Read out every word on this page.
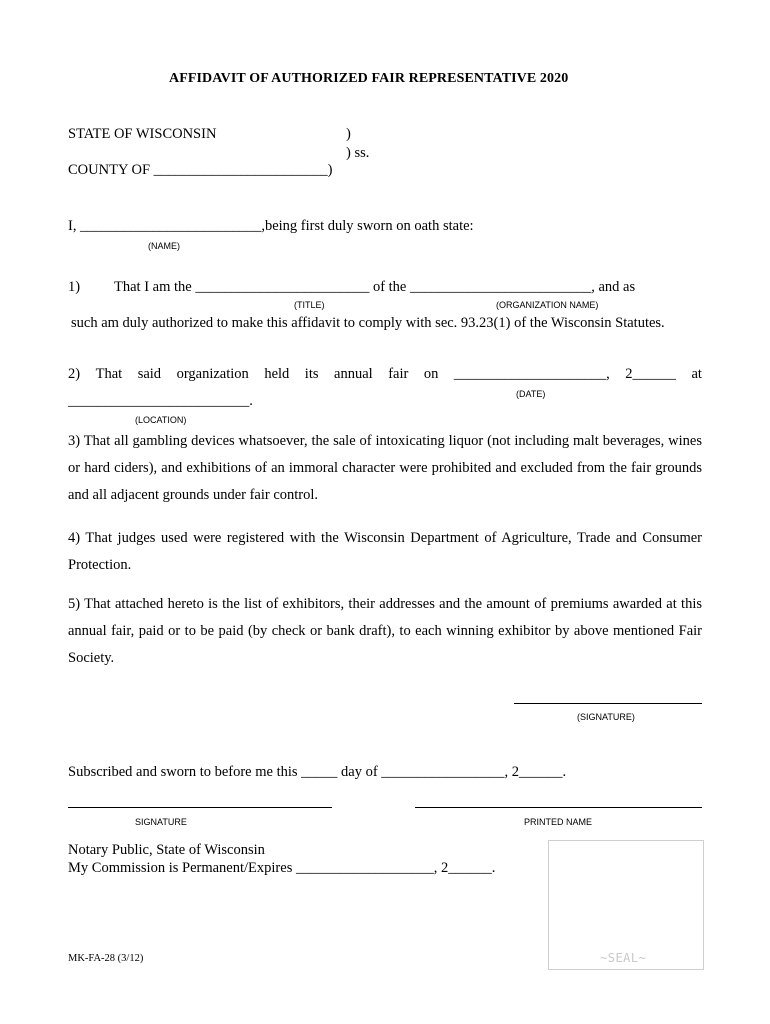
AFFIDAVIT OF AUTHORIZED FAIR REPRESENTATIVE 2020
STATE OF WISCONSIN	)
) ss.
COUNTY OF ________________________)
I, _________________________,being first duly sworn on oath state:
(NAME)
1) That I am the ________________________ of the _________________________, and as
(TITLE)	(ORGANIZATION NAME)
such am duly authorized to make this affidavit to comply with sec. 93.23(1) of the Wisconsin Statutes.
2) That said organization held its annual fair on _____________________, 2______ at
(DATE)
_________________________.
(LOCATION)
3) That all gambling devices whatsoever, the sale of intoxicating liquor (not including malt beverages, wines or hard ciders), and exhibitions of an immoral character were prohibited and excluded from the fair grounds and all adjacent grounds under fair control.
4) That judges used were registered with the Wisconsin Department of Agriculture, Trade and Consumer Protection.
5) That attached hereto is the list of exhibitors, their addresses and the amount of premiums awarded at this annual fair, paid or to be paid (by check or bank draft), to each winning exhibitor by above mentioned Fair Society.
(SIGNATURE)
Subscribed and sworn to before me this _____ day of _________________, 2______.
SIGNATURE	PRINTED NAME
Notary Public, State of Wisconsin
My Commission is Permanent/Expires ___________________, 2______.
~SEAL~
MK-FA-28 (3/12)
